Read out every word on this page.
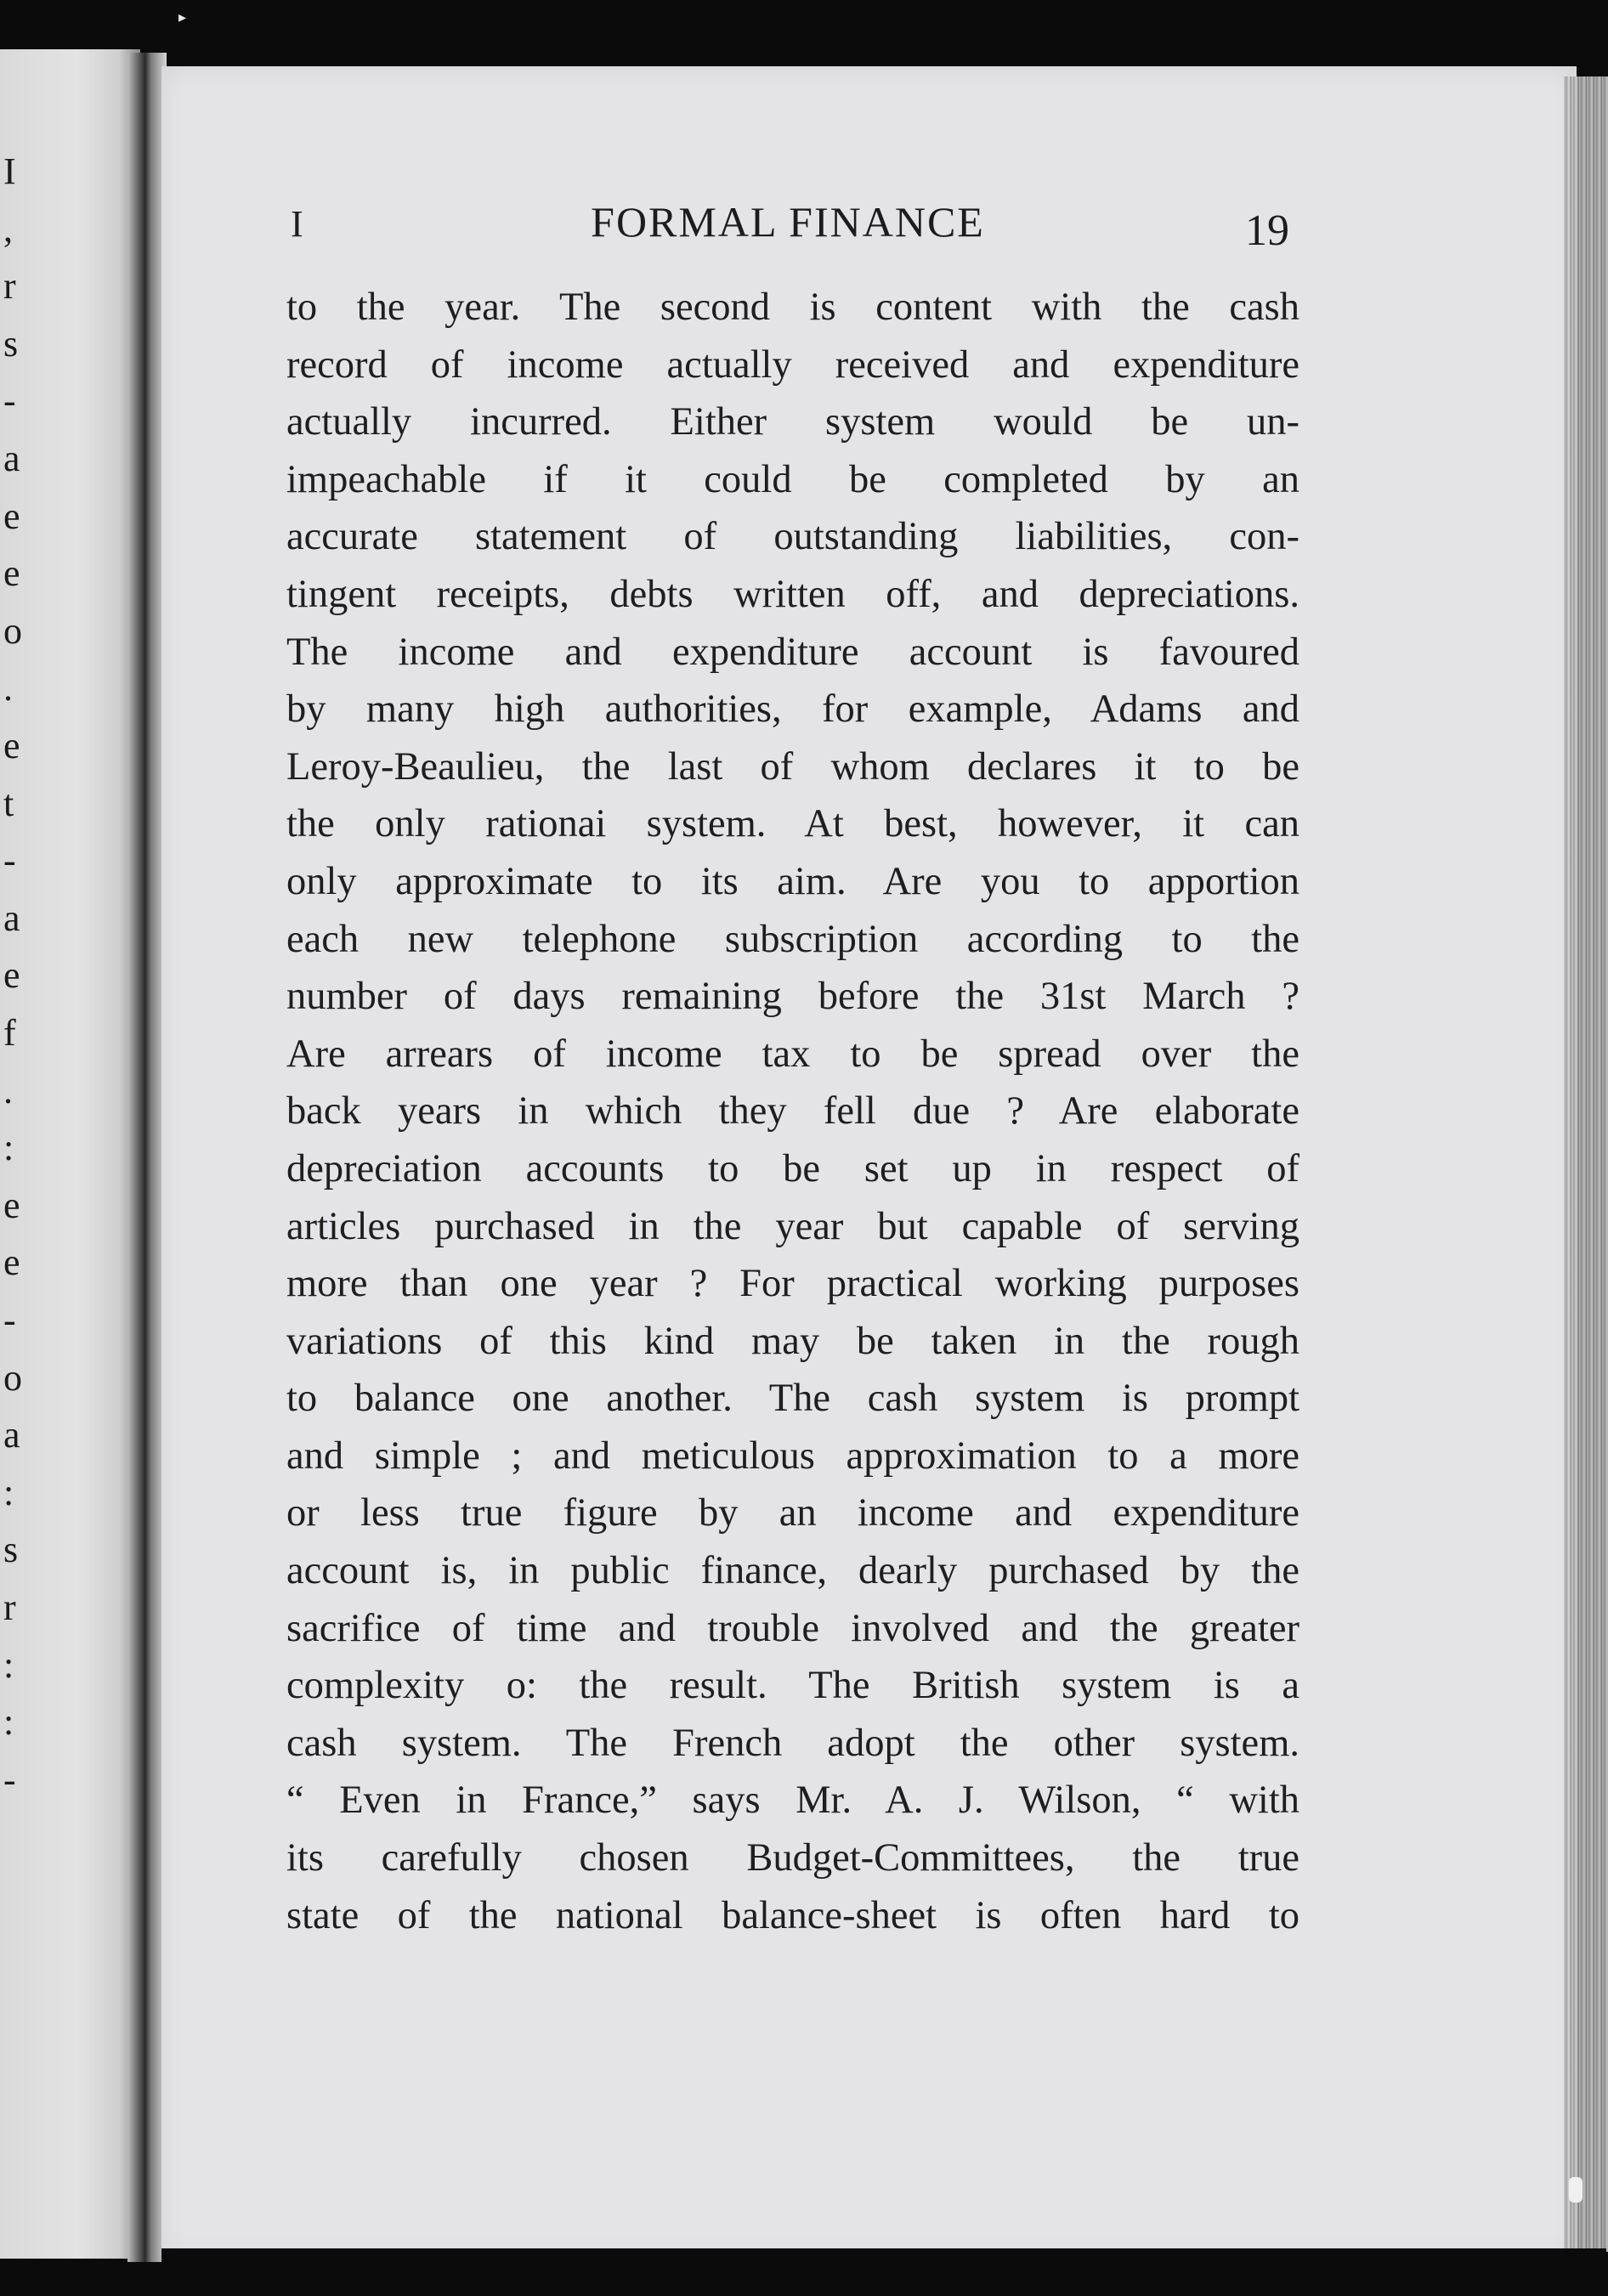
▸
I
,
r
s
-
a
e
e
o
.
e
t
-
a
e
f
.
:
e
e
-
o
a
:
s
r
:
:
-
I	FORMAL FINANCE	19
to the year. The second is content with the cash
record of income actually received and expenditure
actually incurred. Either system would be un-
impeachable if it could be completed by an
accurate statement of outstanding liabilities, con-
tingent receipts, debts written off, and depreciations.
The income and expenditure account is favoured
by many high authorities, for example, Adams and
Leroy-Beaulieu, the last of whom declares it to be
the only rationai system. At best, however, it can
only approximate to its aim. Are you to apportion
each new telephone subscription according to the
number of days remaining before the 31st March ?
Are arrears of income tax to be spread over the
back years in which they fell due ? Are elaborate
depreciation accounts to be set up in respect of
articles purchased in the year but capable of serving
more than one year ? For practical working purposes
variations of this kind may be taken in the rough
to balance one another. The cash system is prompt
and simple ; and meticulous approximation to a more
or less true figure by an income and expenditure
account is, in public finance, dearly purchased by the
sacrifice of time and trouble involved and the greater
complexity o: the result. The British system is a
cash system. The French adopt the other system.
“ Even in France,” says Mr. A. J. Wilson, “ with
its carefully chosen Budget-Committees, the true
state of the national balance-sheet is often hard to
